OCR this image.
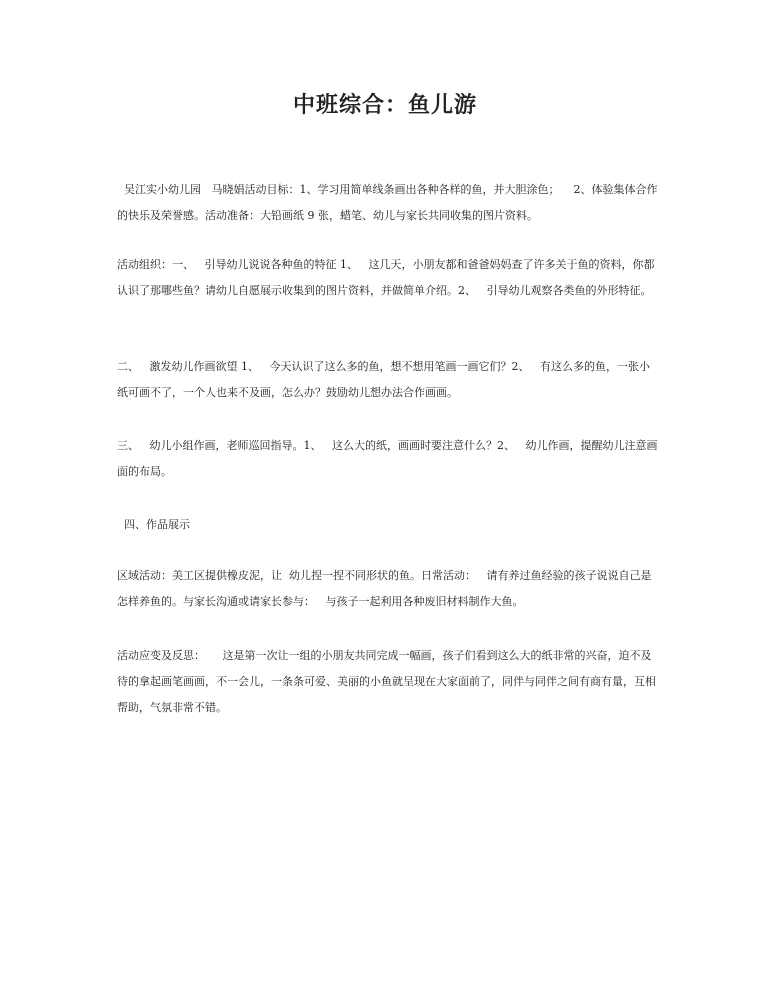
中班综合：鱼儿游
吴江实小幼儿园   马晓娟活动目标：1、学习用简单线条画出各种各样的鱼，并大胆涂色；    2、体验集体合作的快乐及荣誉感。活动准备：大铅画纸 9 张，蜡笔、幼儿与家长共同收集的图片资料。
活动组织：一、   引导幼儿说说各种鱼的特征 1、   这几天，小朋友都和爸爸妈妈查了许多关于鱼的资料，你都认识了那哪些鱼？请幼儿自愿展示收集到的图片资料，并做简单介绍。2、   引导幼儿观察各类鱼的外形特征。
二、   激发幼儿作画欲望 1、   今天认识了这么多的鱼，想不想用笔画一画它们？2、   有这么多的鱼，一张小纸可画不了，一个人也来不及画，怎么办？鼓励幼儿想办法合作画画。
三、   幼儿小组作画，老师巡回指导。1、   这么大的纸，画画时要注意什么？2、   幼儿作画，提醒幼儿注意画面的布局。
四、作品展示
区域活动：美工区提供橡皮泥，让  幼儿捏一捏不同形状的鱼。日常活动：   请有养过鱼经验的孩子说说自己是怎样养鱼的。与家长沟通或请家长参与：   与孩子一起利用各种废旧材料制作大鱼。
活动应变及反思：     这是第一次让一组的小朋友共同完成一幅画，孩子们看到这么大的纸非常的兴奋，迫不及待的拿起画笔画画，不一会儿，一条条可爱、美丽的小鱼就呈现在大家面前了，同伴与同伴之间有商有量，互相帮助，气氛非常不错。
